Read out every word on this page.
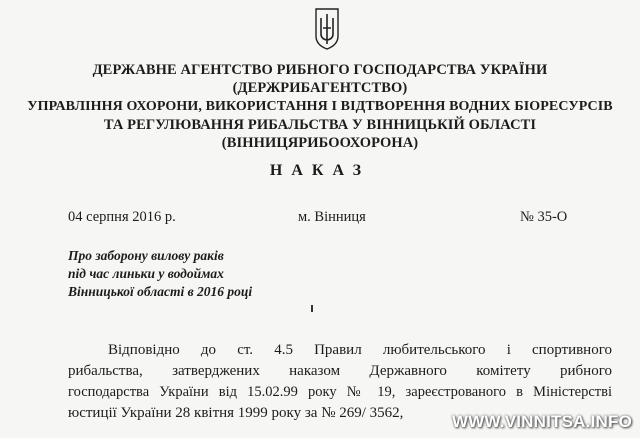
ДЕРЖАВНЕ АГЕНТСТВО РИБНОГО ГОСПОДАРСТВА УКРАЇНИ
(ДЕРЖРИБАГЕНТСТВО)
УПРАВЛІННЯ ОХОРОНИ, ВИКОРИСТАННЯ І ВІДТВОРЕННЯ ВОДНИХ БІОРЕСУРСІВ
ТА РЕГУЛЮВАННЯ РИБАЛЬСТВА У ВІННИЦЬКІЙ ОБЛАСТІ
(ВІННИЦЯРИБООХОРОНА)
НАКАЗ
04 серпня 2016 р.	м. Вінниця	№ 35-О
Про заборону вилову раків
під час линьки у водоймах
Вінницької області в 2016 році
Відповідно до ст. 4.5 Правил любительського і спортивного
рибальства, затверджених наказом Державного комітету рибного
господарства України від 15.02.99 року № 19, зареєстрованого в Міністерстві
юстиції України 28 квітня 1999 року за № 269/ 3562,	WWW.VINNITSA.INFO
